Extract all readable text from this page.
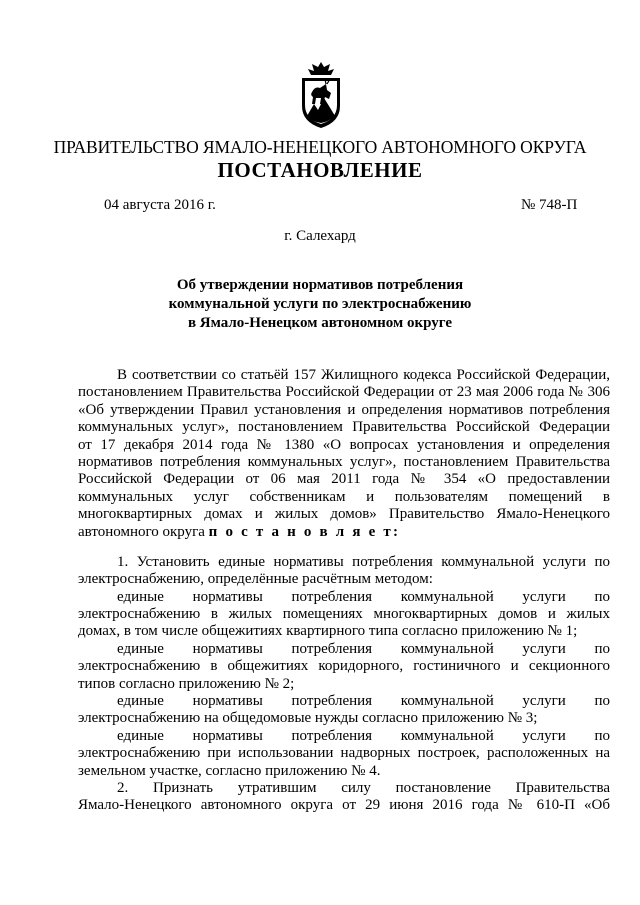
ПРАВИТЕЛЬСТВО ЯМАЛО-НЕНЕЦКОГО АВТОНОМНОГО ОКРУГА
ПОСТАНОВЛЕНИЕ
04 августа 2016 г.	№ 748-П
г. Салехард
Об утверждении нормативов потребления
коммунальной услуги по электроснабжению
в Ямало-Ненецком автономном округе
В соответствии со статьёй 157 Жилищного кодекса Российской Федерации,
постановлением Правительства Российской Федерации от 23 мая 2006 года № 306
«Об утверждении Правил установления и определения нормативов потребления
коммунальных услуг», постановлением Правительства Российской Федерации
от 17 декабря 2014 года № 1380 «О вопросах установления и определения
нормативов потребления коммунальных услуг», постановлением Правительства
Российской Федерации от 06 мая 2011 года № 354 «О предоставлении
коммунальных услуг собственникам и пользователям помещений в
многоквартирных домах и жилых домов» Правительство Ямало-Ненецкого
автономного округа п о с т а н о в л я е т:
1. Установить единые нормативы потребления коммунальной услуги по
электроснабжению, определённые расчётным методом:
единые нормативы потребления коммунальной услуги по
электроснабжению в жилых помещениях многоквартирных домов и жилых
домах, в том числе общежитиях квартирного типа согласно приложению № 1;
единые нормативы потребления коммунальной услуги по
электроснабжению в общежитиях коридорного, гостиничного и секционного
типов согласно приложению № 2;
единые нормативы потребления коммунальной услуги по
электроснабжению на общедомовые нужды согласно приложению № 3;
единые нормативы потребления коммунальной услуги по
электроснабжению при использовании надворных построек, расположенных на
земельном участке, согласно приложению № 4.
2. Признать утратившим силу постановление Правительства
Ямало-Ненецкого автономного округа от 29 июня 2016 года № 610-П «Об
